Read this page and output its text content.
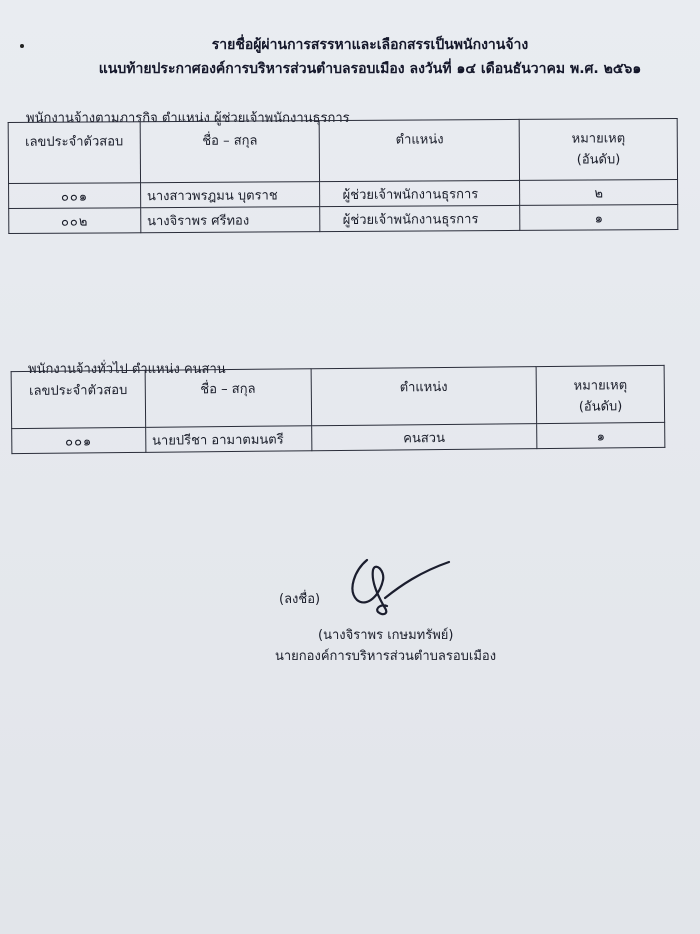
รายชื่อผู้ผ่านการสรรหาและเลือกสรรเป็นพนักงานจ้าง
แนบท้ายประกาศองค์การบริหารส่วนตำบลรอบเมือง ลงวันที่ ๑๔ เดือนธันวาคม พ.ศ. ๒๕๖๑
พนักงานจ้างตามภารกิจ ตำแหน่ง ผู้ช่วยเจ้าพนักงานธุรการ
เลขประจำตัวสอบ	ชื่อ – สกุล	ตำแหน่ง	หมายเหตุ
(อันดับ)

๐๐๑	นางสาวพรฎมน บุตราช	ผู้ช่วยเจ้าพนักงานธุรการ	๒
๐๐๒	นางจิราพร ศรีทอง	ผู้ช่วยเจ้าพนักงานธุรการ	๑
พนักงานจ้างทั่วไป ตำแหน่ง คนสาน
เลขประจำตัวสอบ	ชื่อ – สกุล	ตำแหน่ง	หมายเหตุ
(อันดับ)

๐๐๑	นายปรีชา อามาตมนตรี	คนสวน	๑
(ลงชื่อ)
(นางจิราพร เกษมทรัพย์)
นายกองค์การบริหารส่วนตำบลรอบเมือง
